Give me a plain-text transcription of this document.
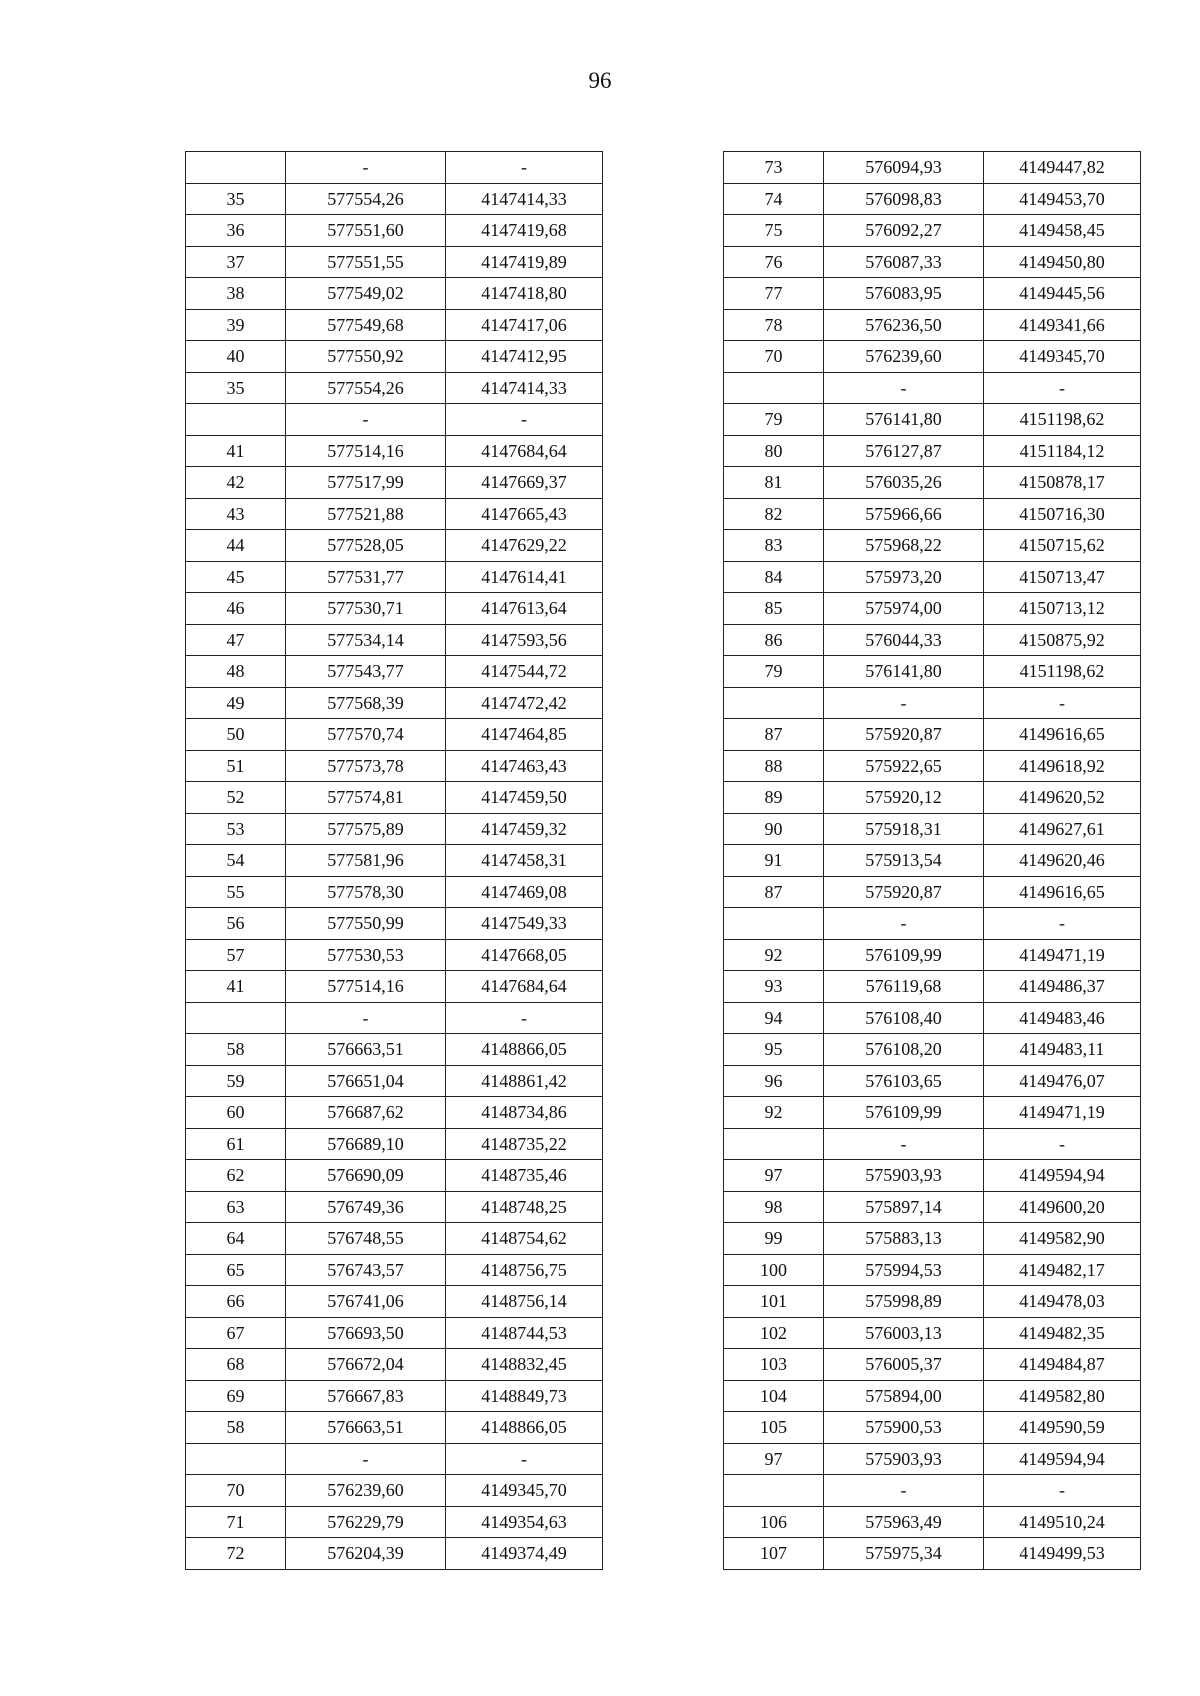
96
	-	-
35	577554,26	4147414,33
36	577551,60	4147419,68
37	577551,55	4147419,89
38	577549,02	4147418,80
39	577549,68	4147417,06
40	577550,92	4147412,95
35	577554,26	4147414,33
	-	-
41	577514,16	4147684,64
42	577517,99	4147669,37
43	577521,88	4147665,43
44	577528,05	4147629,22
45	577531,77	4147614,41
46	577530,71	4147613,64
47	577534,14	4147593,56
48	577543,77	4147544,72
49	577568,39	4147472,42
50	577570,74	4147464,85
51	577573,78	4147463,43
52	577574,81	4147459,50
53	577575,89	4147459,32
54	577581,96	4147458,31
55	577578,30	4147469,08
56	577550,99	4147549,33
57	577530,53	4147668,05
41	577514,16	4147684,64
	-	-
58	576663,51	4148866,05
59	576651,04	4148861,42
60	576687,62	4148734,86
61	576689,10	4148735,22
62	576690,09	4148735,46
63	576749,36	4148748,25
64	576748,55	4148754,62
65	576743,57	4148756,75
66	576741,06	4148756,14
67	576693,50	4148744,53
68	576672,04	4148832,45
69	576667,83	4148849,73
58	576663,51	4148866,05
	-	-
70	576239,60	4149345,70
71	576229,79	4149354,63
72	576204,39	4149374,49
73	576094,93	4149447,82
74	576098,83	4149453,70
75	576092,27	4149458,45
76	576087,33	4149450,80
77	576083,95	4149445,56
78	576236,50	4149341,66
70	576239,60	4149345,70
	-	-
79	576141,80	4151198,62
80	576127,87	4151184,12
81	576035,26	4150878,17
82	575966,66	4150716,30
83	575968,22	4150715,62
84	575973,20	4150713,47
85	575974,00	4150713,12
86	576044,33	4150875,92
79	576141,80	4151198,62
	-	-
87	575920,87	4149616,65
88	575922,65	4149618,92
89	575920,12	4149620,52
90	575918,31	4149627,61
91	575913,54	4149620,46
87	575920,87	4149616,65
	-	-
92	576109,99	4149471,19
93	576119,68	4149486,37
94	576108,40	4149483,46
95	576108,20	4149483,11
96	576103,65	4149476,07
92	576109,99	4149471,19
	-	-
97	575903,93	4149594,94
98	575897,14	4149600,20
99	575883,13	4149582,90
100	575994,53	4149482,17
101	575998,89	4149478,03
102	576003,13	4149482,35
103	576005,37	4149484,87
104	575894,00	4149582,80
105	575900,53	4149590,59
97	575903,93	4149594,94
	-	-
106	575963,49	4149510,24
107	575975,34	4149499,53
